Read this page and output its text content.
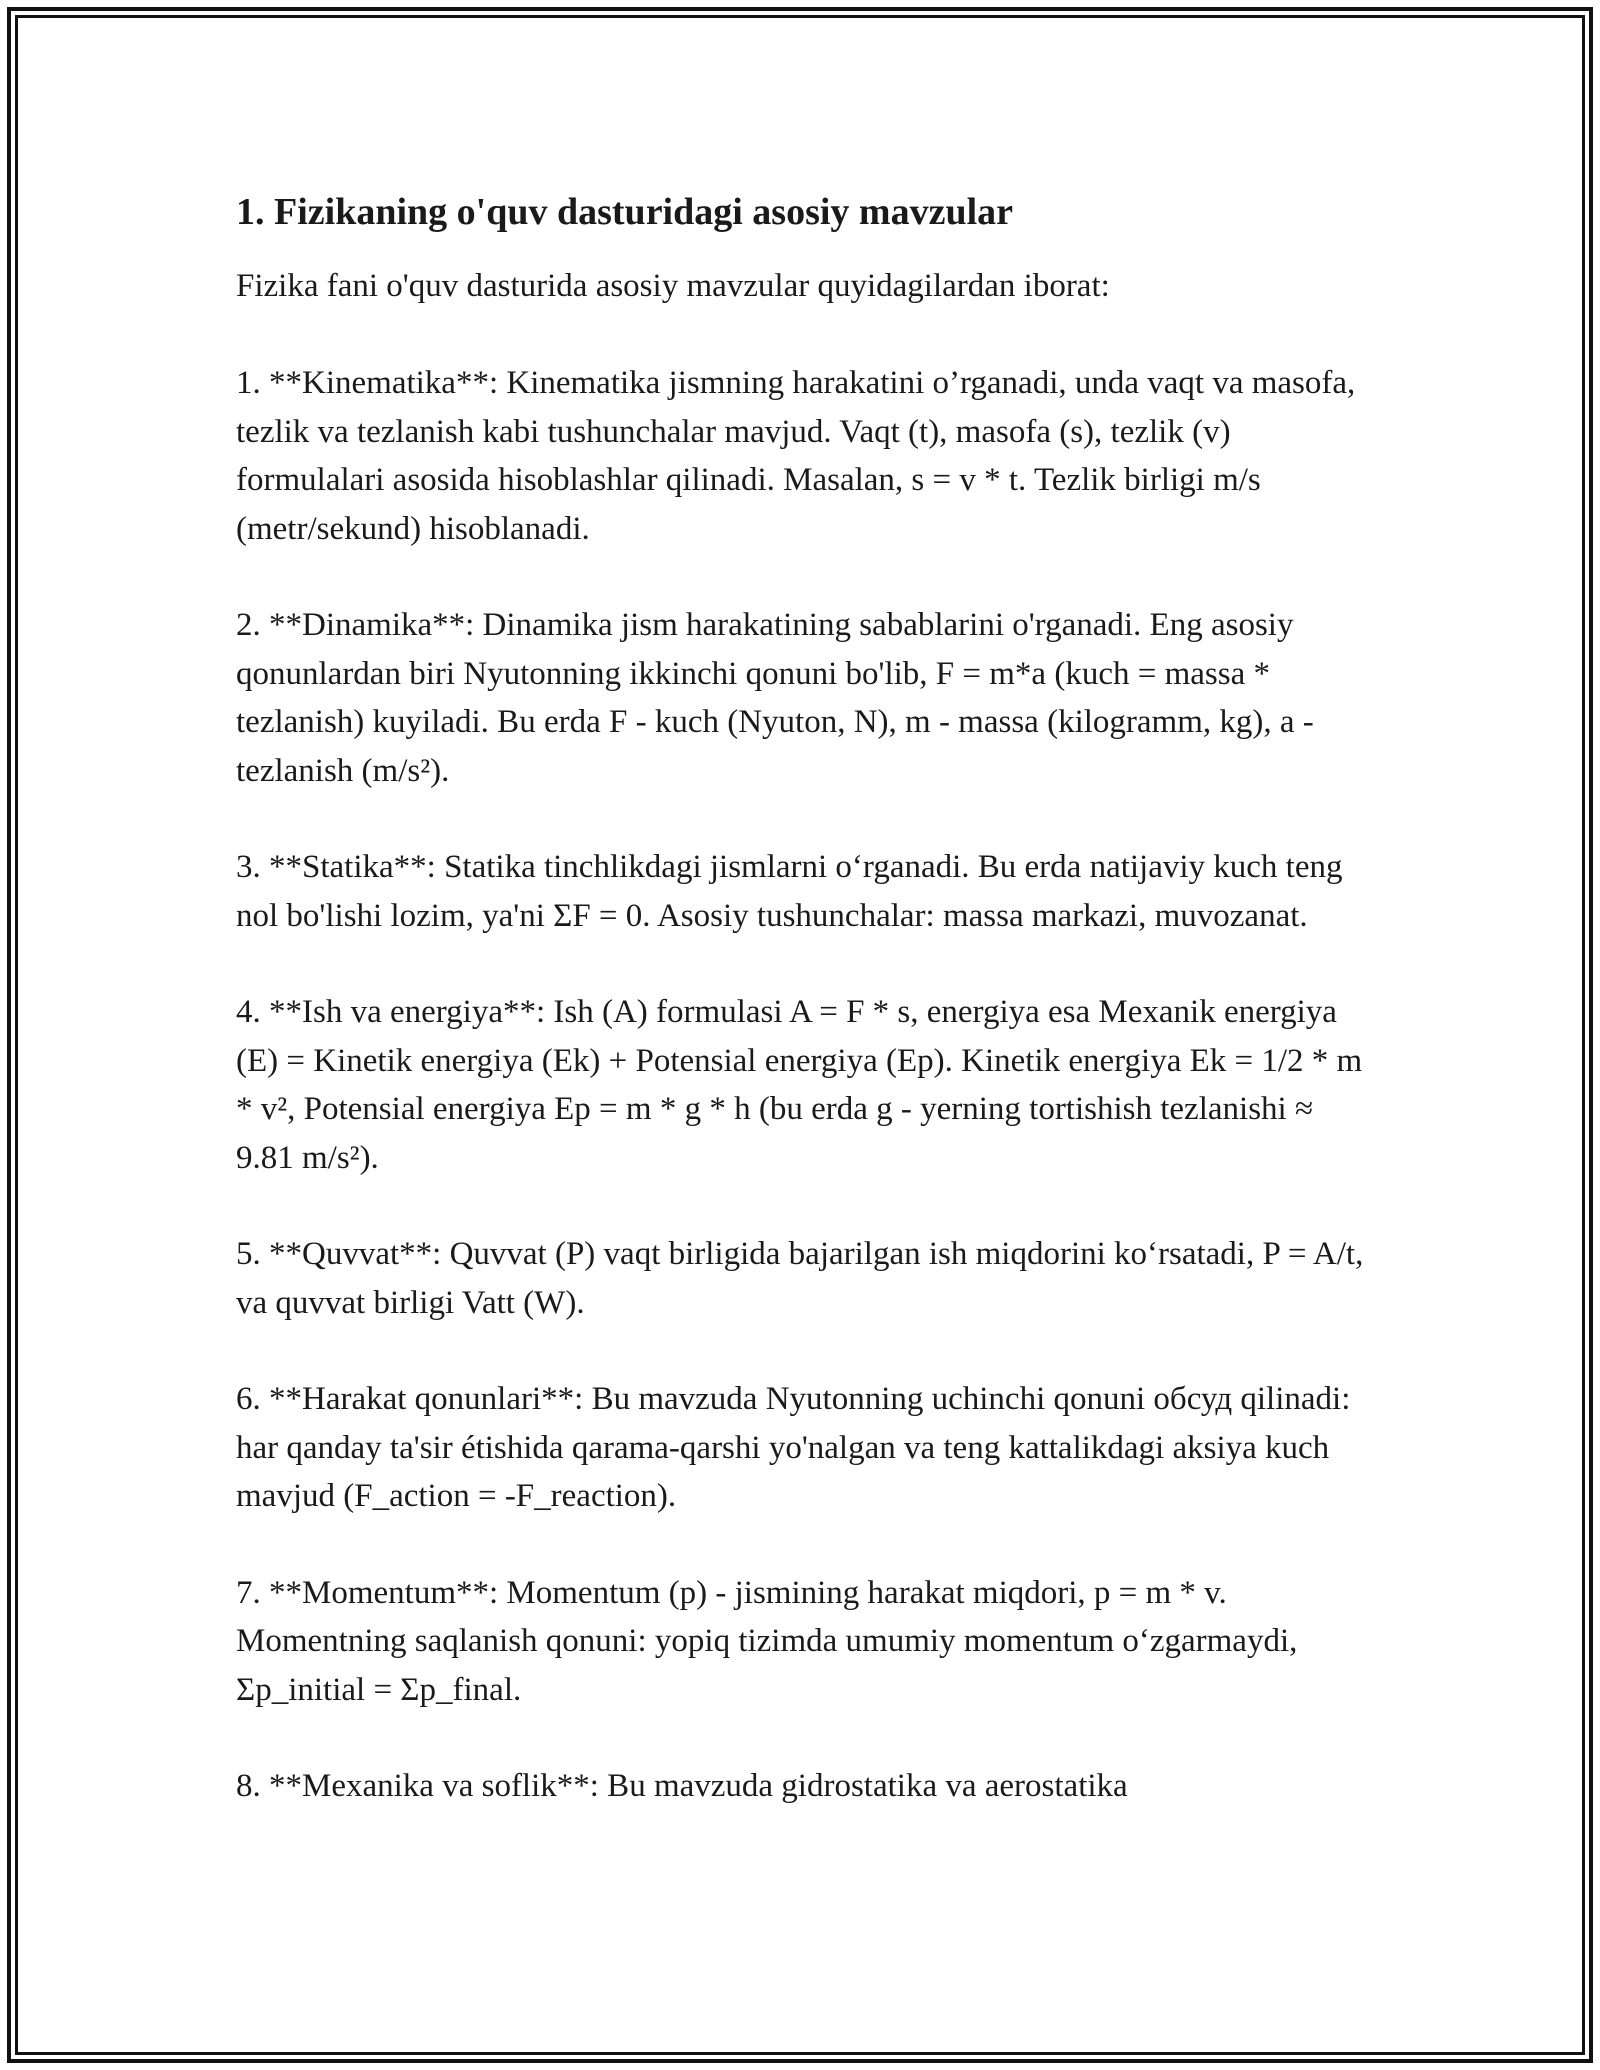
1. Fizikaning o'quv dasturidagi asosiy mavzular
Fizika fani o'quv dasturida asosiy mavzular quyidagilardan iborat:
1. **Kinematika**: Kinematika jismning harakatini o’rganadi, unda vaqt va masofa, tezlik va tezlanish kabi tushunchalar mavjud. Vaqt (t), masofa (s), tezlik (v) formulalari asosida hisoblashlar qilinadi. Masalan, s = v * t. Tezlik birligi m/s (metr/sekund) hisoblanadi.
2. **Dinamika**: Dinamika jism harakatining sabablarini o'rganadi. Eng asosiy qonunlardan biri Nyutonning ikkinchi qonuni bo'lib, F = m*a (kuch = massa * tezlanish) kuyiladi. Bu erda F - kuch (Nyuton, N), m - massa (kilogramm, kg), a - tezlanish (m/s²).
3. **Statika**: Statika tinchlikdagi jismlarni o‘rganadi. Bu erda natijaviy kuch teng nol bo'lishi lozim, ya'ni ΣF = 0. Asosiy tushunchalar: massa markazi, muvozanat.
4. **Ish va energiya**: Ish (A) formulasi A = F * s, energiya esa Mexanik energiya (E) = Kinetik energiya (Ek) + Potensial energiya (Ep). Kinetik energiya Ek = 1/2 * m * v², Potensial energiya Ep = m * g * h (bu erda g - yerning tortishish tezlanishi ≈ 9.81 m/s²).
5. **Quvvat**: Quvvat (P) vaqt birligida bajarilgan ish miqdorini ko‘rsatadi, P = A/t, va quvvat birligi Vatt (W).
6. **Harakat qonunlari**: Bu mavzuda Nyutonning uchinchi qonuni обсуд qilinadi: har qanday ta'sir étishida qarama-qarshi yo'nalgan va teng kattalikdagi aksiya kuch mavjud (F_action = -F_reaction).
7. **Momentum**: Momentum (p) - jismining harakat miqdori, p = m * v. Momentning saqlanish qonuni: yopiq tizimda umumiy momentum o‘zgarmaydi, Σp_initial = Σp_final.
8. **Mexanika va soflik**: Bu mavzuda gidrostatika va aerostatika
